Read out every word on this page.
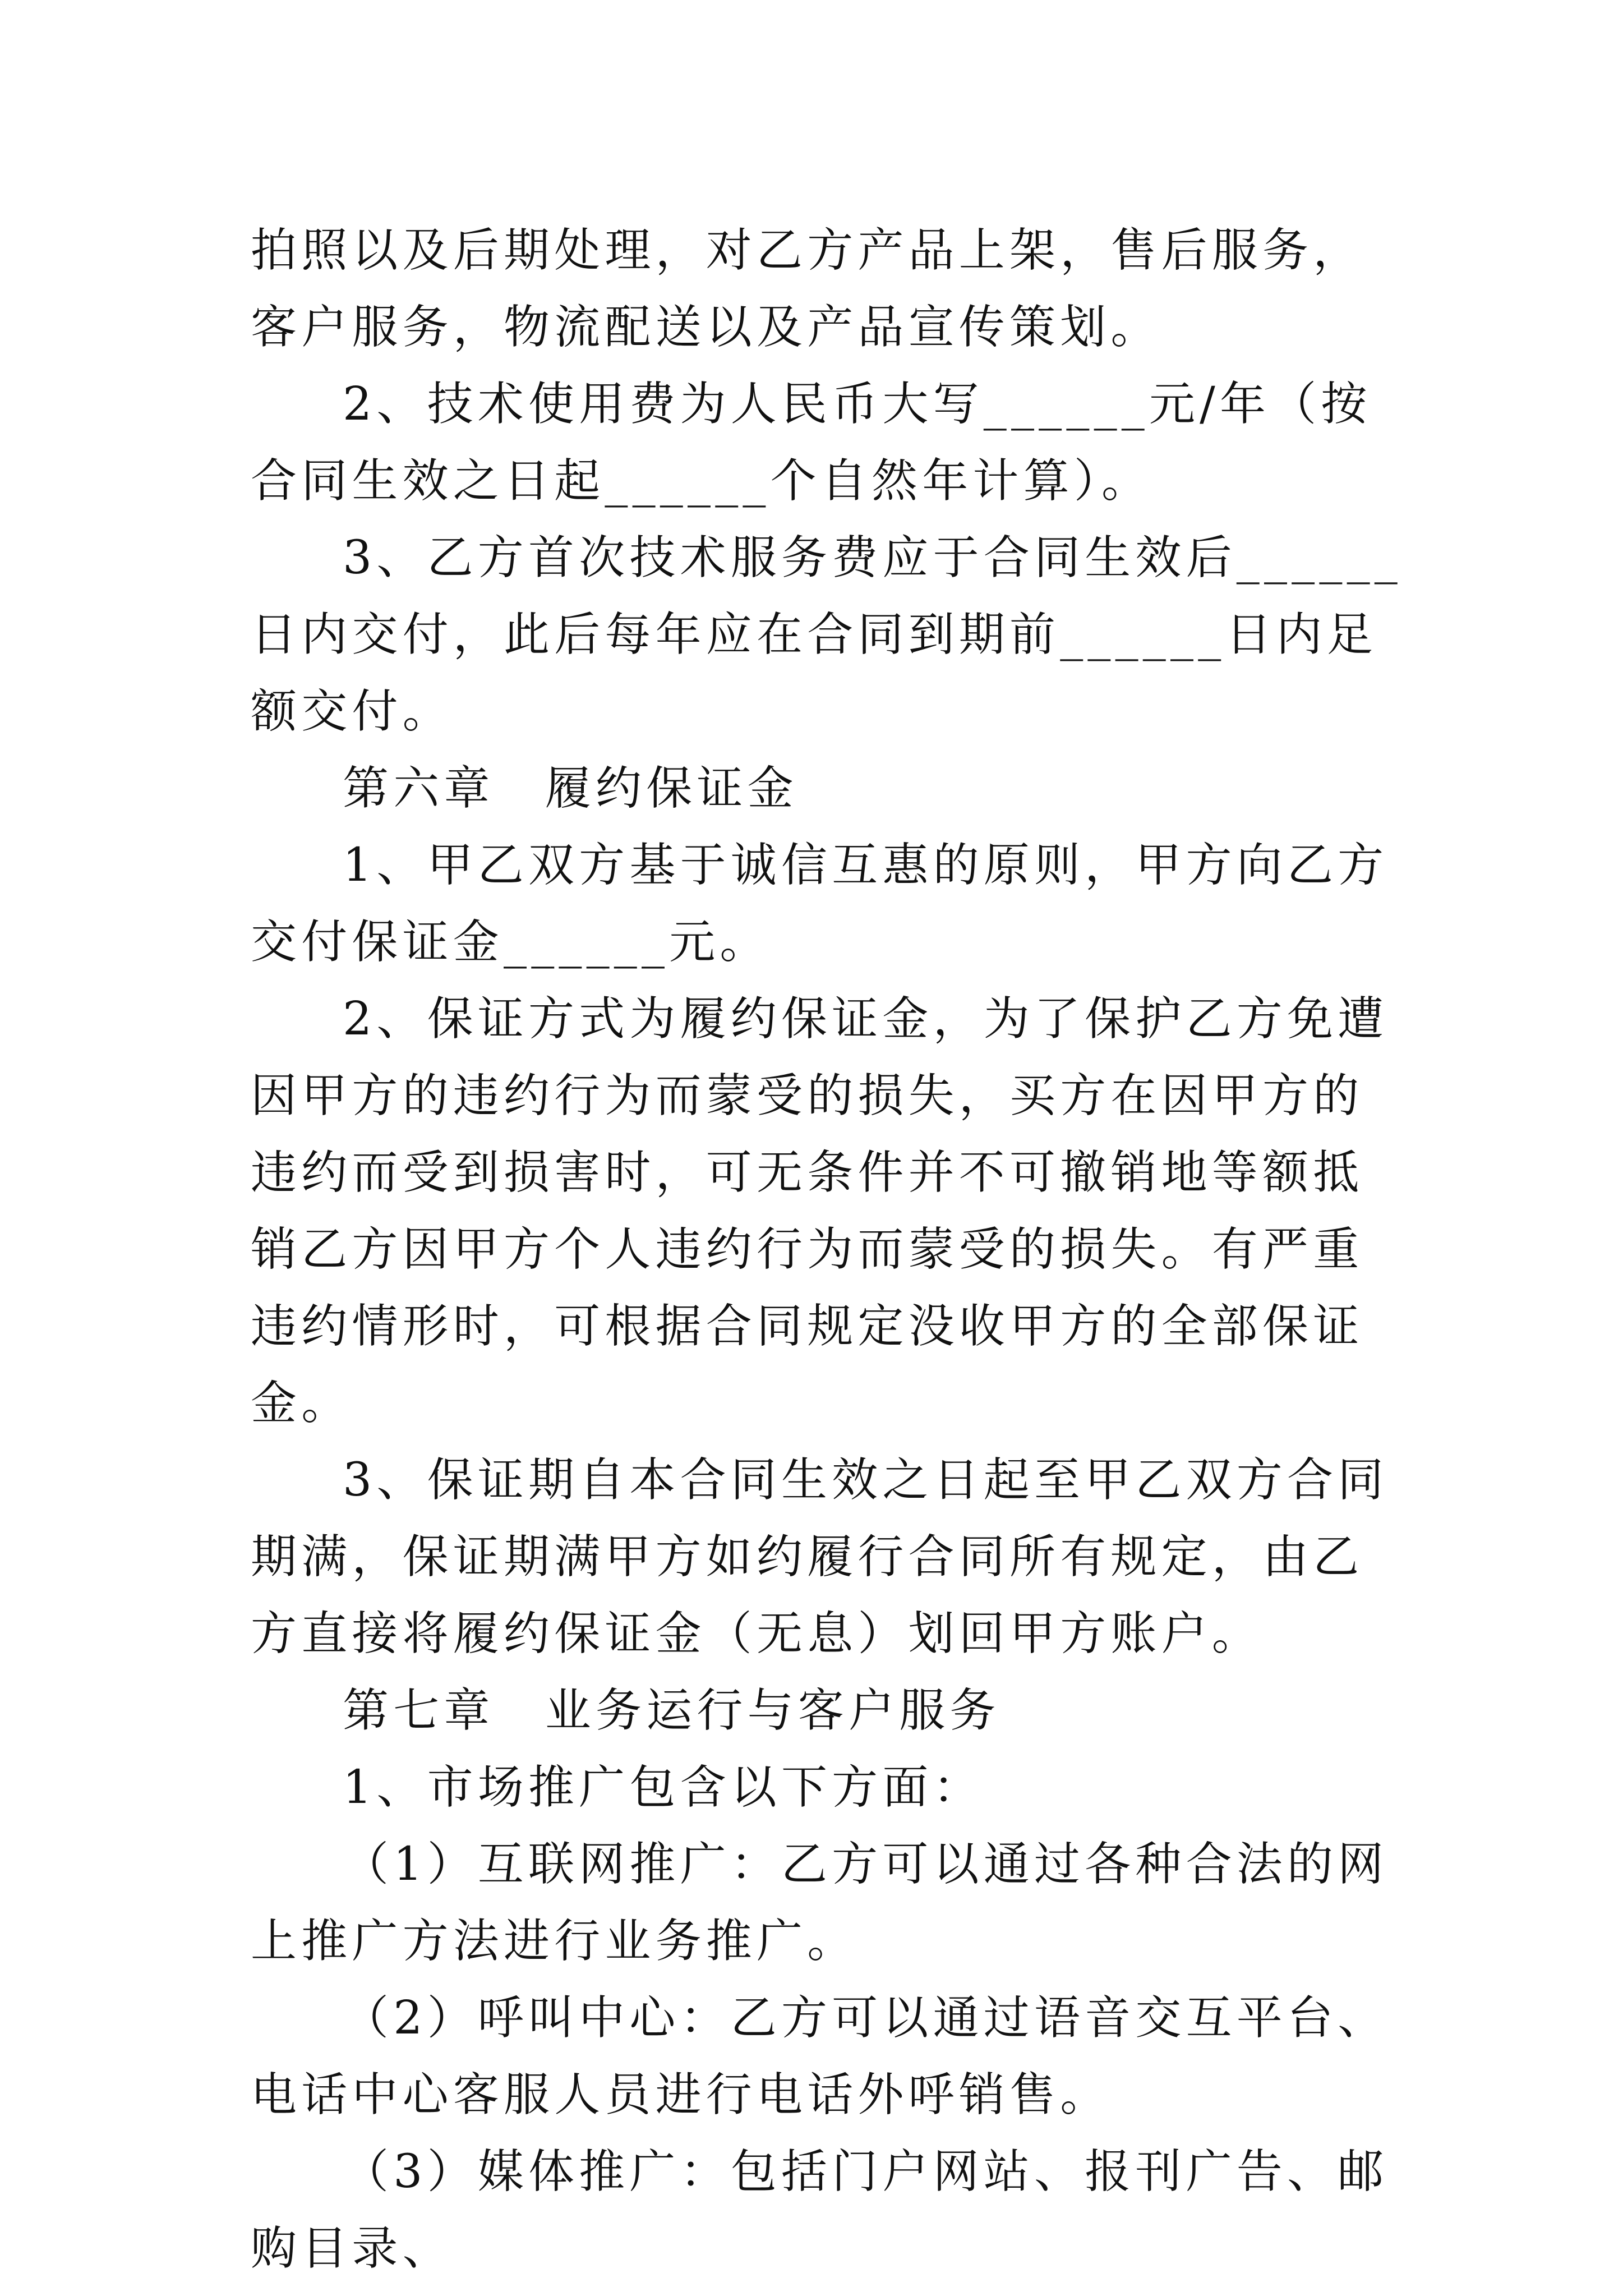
拍照以及后期处理，对乙方产品上架，售后服务，客户服务，物流配送以及产品宣传策划。

2、技术使用费为人民币大写______元/年（按合同生效之日起______个自然年计算）。

3、乙方首次技术服务费应于合同生效后______日内交付，此后每年应在合同到期前______日内足额交付。

第六章　履约保证金

1、甲乙双方基于诚信互惠的原则，甲方向乙方交付保证金______元。

2、保证方式为履约保证金，为了保护乙方免遭因甲方的违约行为而蒙受的损失，买方在因甲方的违约而受到损害时，可无条件并不可撤销地等额抵销乙方因甲方个人违约行为而蒙受的损失。有严重违约情形时，可根据合同规定没收甲方的全部保证金。

3、保证期自本合同生效之日起至甲乙双方合同期满，保证期满甲方如约履行合同所有规定，由乙方直接将履约保证金（无息）划回甲方账户。

第七章　业务运行与客户服务

1、市场推广包含以下方面：

（1）互联网推广：乙方可以通过各种合法的网上推广方法进行业务推广。

（2）呼叫中心：乙方可以通过语音交互平台、电话中心客服人员进行电话外呼销售。

（3）媒体推广：包括门户网站、报刊广告、邮购目录、
